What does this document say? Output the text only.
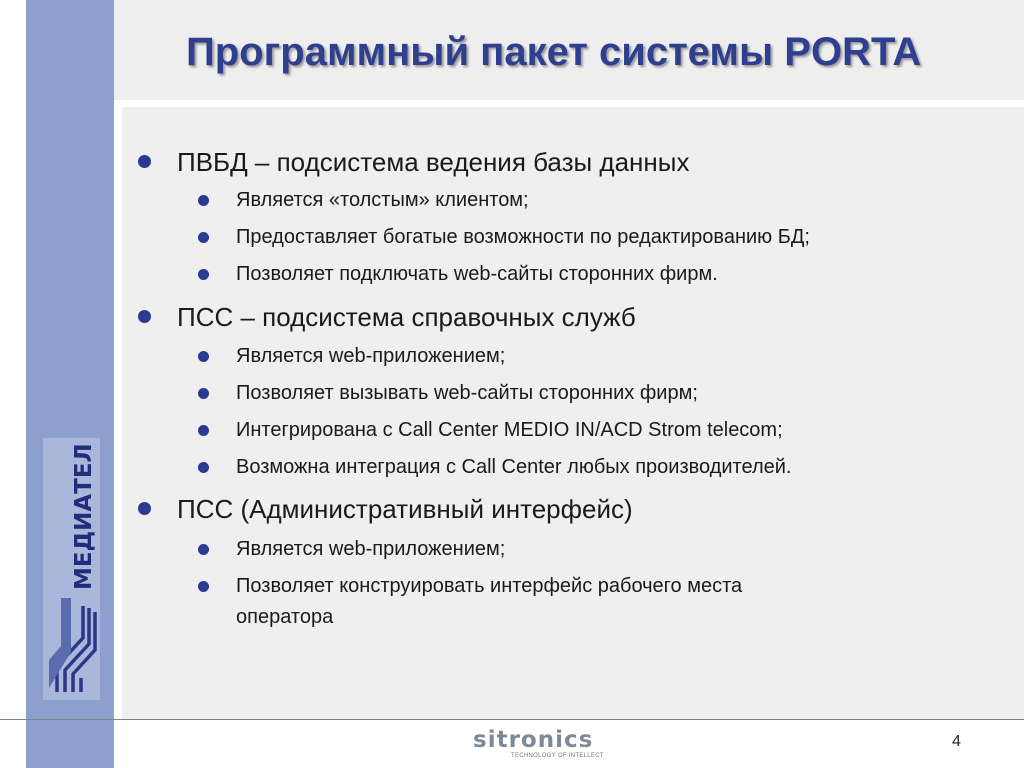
МЕДИАТЕЛ
Программный пакет системы PORTA
ПВБД – подсистема ведения базы данных
Является «толстым» клиентом;
Предоставляет богатые возможности по редактированию БД;
Позволяет подключать web-сайты сторонних фирм.
ПСС – подсистема справочных служб
Является web-приложением;
Позволяет вызывать web-сайты сторонних фирм;
Интегрирована с Call Center MEDIO IN/ACD Strom telecom;
Возможна интеграция с Call Center любых производителей.
ПСС (Административный интерфейс)
Является web-приложением;
Позволяет конструировать интерфейс рабочего места
оператора
sitronics
TECHNOLOGY OF INTELLECT
4
